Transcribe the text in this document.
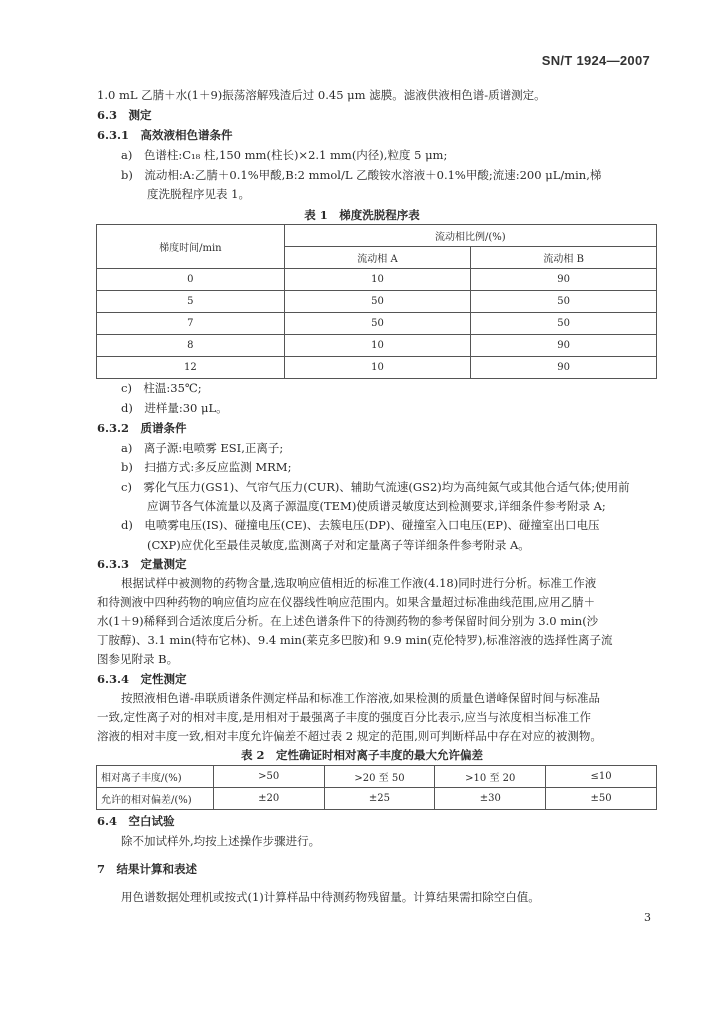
SN/T 1924—2007
1.0 mL 乙腈＋水(1＋9)振荡溶解残渣后过 0.45 μm 滤膜。滤液供液相色谱-质谱测定。
6.3　测定
6.3.1　高效液相色谱条件
a)　色谱柱:C₁₈ 柱,150 mm(柱长)×2.1 mm(内径),粒度 5 μm;
b)　流动相:A:乙腈＋0.1%甲酸,B:2 mmol/L 乙酸铵水溶液＋0.1%甲酸;流速:200 μL/min,梯
度洗脱程序见表 1。
表 1　梯度洗脱程序表
梯度时间/min	流动相比例/(%)	
	流动相 A	流动相 B
0	10	90
5	50	50
7	50	50
8	10	90
12	10	90
c)　柱温:35℃;
d)　进样量:30 μL。
6.3.2　质谱条件
a)　离子源:电喷雾 ESI,正离子;
b)　扫描方式:多反应监测 MRM;
c)　雾化气压力(GS1)、气帘气压力(CUR)、辅助气流速(GS2)均为高纯氮气或其他合适气体;使用前
应调节各气体流量以及离子源温度(TEM)使质谱灵敏度达到检测要求,详细条件参考附录 A;
d)　电喷雾电压(IS)、碰撞电压(CE)、去簇电压(DP)、碰撞室入口电压(EP)、碰撞室出口电压
(CXP)应优化至最佳灵敏度,监测离子对和定量离子等详细条件参考附录 A。
6.3.3　定量测定
根据试样中被测物的药物含量,选取响应值相近的标准工作液(4.18)同时进行分析。标准工作液
和待测液中四种药物的响应值均应在仪器线性响应范围内。如果含量超过标准曲线范围,应用乙腈＋
水(1＋9)稀释到合适浓度后分析。在上述色谱条件下的待测药物的参考保留时间分别为 3.0 min(沙
丁胺醇)、3.1 min(特布它林)、9.4 min(莱克多巴胺)和 9.9 min(克伦特罗),标准溶液的选择性离子流
图参见附录 B。
6.3.4　定性测定
按照液相色谱-串联质谱条件测定样品和标准工作溶液,如果检测的质量色谱峰保留时间与标准品
一致,定性离子对的相对丰度,是用相对于最强离子丰度的强度百分比表示,应当与浓度相当标准工作
溶液的相对丰度一致,相对丰度允许偏差不超过表 2 规定的范围,则可判断样品中存在对应的被测物。
表 2　定性确证时相对离子丰度的最大允许偏差
相对离子丰度/(%)	>50	>20 至 50	>10 至 20	≤10
允许的相对偏差/(%)	±20	±25	±30	±50
6.4　空白试验
除不加试样外,均按上述操作步骤进行。
7　结果计算和表述
用色谱数据处理机或按式(1)计算样品中待测药物残留量。计算结果需扣除空白值。
3
